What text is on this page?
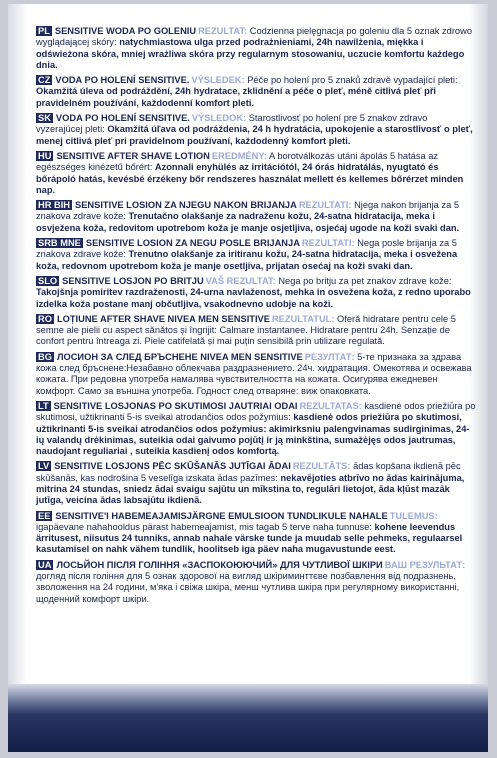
PL SENSITIVE WODA PO GOLENIU REZULTAT: Codzienna pielęgnacja po goleniu dla 5 oznak zdrowo wyglądającej skóry: natychmiastowa ulga przed podrażnieniami, 24h nawilżenia, miękka i odświeżona skóra, mniej wrażliwa skóra przy regularnym stosowaniu, uczucie komfortu każdego dnia.
CZ VODA PO HOLENÍ SENSITIVE. VÝSLEDEK: Péče po holení pro 5 znaků zdravě vypadající pleti: Okamžitá úleva od podráždění, 24h hydratace, zklidnění a péče o pleť, méně citlivá pleť při pravidelném používání, každodenní komfort pleti.
SK VODA PO HOLENÍ SENSITIVE. VÝSLEDOK: Starostlivosť po holení pre 5 znakov zdravo vyzerajúcej pleti: Okamžitá úľava od podráždenia, 24 h hydratácia, upokojenie a starostlivosť o pleť, menej citlivá pleť pri pravidelnom používaní, každodenný komfort pleti.
HU SENSITIVE AFTER SHAVE LOTION EREDMÉNY: A borotválkozás utáni ápolás 5 hatása az egészséges kinézetű bőrért: Azonnali enyhülés az irritációtól, 24 órás hidratálás, nyugtató és bőrápoló hatás, kevésbé érzékeny bőr rendszeres használat mellett és kellemes bőrérzet minden nap.
HR BIH SENSITIVE LOSION ZA NJEGU NAKON BRIJANJA REZULTATI: Njega nakon brijanja za 5 znakova zdrave kože: Trenutačno olakšanje za nadraženu kožu, 24-satna hidratacija, meka i osvježena koža, redovitom upotrebom koža je manje osjetljiva, osjećaj ugode na koži svaki dan.
SRB MNE SENSITIVE LOSION ZA NEGU POSLE BRIJANJA REZULTATI: Nega posle brijanja za 5 znakova zdrave kože: Trenutno olakšanje za iritiranu kožu, 24-satna hidratacija, meka i osvežena koža, redovnom upotrebom koža je manje osetljiva, prijatan osećaj na koži svaki dan.
SLO SENSITIVE LOSJON PO BRITJU VAŠ REZULTAT: Nega po britju za pet znakov zdrave kože: Takojšnja pomiritev razdraženosti, 24-urna navlaženost, mehka in osvežena koža, z redno uporabo izdelka koža postane manj občutljiva, vsakodnevno udobje na koži.
RO LOȚIUNE AFTER SHAVE NIVEA MEN SENSITIVE REZULTATUL: Oferă hidratare pentru cele 5 semne ale pielii cu aspect sănătos și îngrijit: Calmare instantanee. Hidratare pentru 24h. Senzație de confort pentru întreaga zi. Piele catifelată și mai puțin sensibilă prin utilizare regulată.
BG ЛОСИОН ЗА СЛЕД БРЪСНЕНЕ NIVEA MEN SENSITIVE РЕЗУЛТАТ: 5-те признака за здрава кожа след бръснене:Незабавно облекчава раздразнението. 24ч. хидратация. Омекотява и освежава кожата. При редовна употреба намалява чувствителността на кожата. Осигурява ежедневен комфорт. Само за външна употреба. Годност след отваряне: виж опаковката.
LT SENSITIVE LOSJONAS PO SKUTIMOSI JAUTRIAI ODAI REZULTATAS: kasdienė odos priežiūra po skutimosi, užtikrinanti 5-is sveikai atrodančios odos požymius: kasdienė odos priežiūra po skutimosi, užtikrinanti 5-is sveikai atrodančios odos požymius: akimirksniu palengvinamas sudirginimas, 24-ių valandų drėkinimas, suteikia odai gaivumo pojūtį ir ją minkština, sumažėjęs odos jautrumas, naudojant reguliariai , suteikia kasdienį odos komfortą.
LV SENSITIVE LOSJONS PĒC SKŪŠANĀS JUTĪGAI ĀDAI REZULTĀTS: ādas kopšana ikdienā pēc skūšanās, kas nodrošina 5 veselīga izskata ādas pazīmes: nekavējoties atbrīvo no ādas kairinājuma, mitrina 24 stundas, sniedz ādai svaigu sajūtu un mīkstina to, regulāri lietojot, āda kļūst mazāk jutīga, veicina ādas labsajūtu ikdienā.
EE SENSITIVE'I HABEMEAJAMISJÄRGNE EMULSIOON TUNDLIKULE NAHALE TULEMUS: igapäevane nahahooldus pärast habemeajamist, mis tagab 5 terve naha tunnuse: kohene leevendus ärritusest, niisutus 24 tunniks, annab nahale värske tunde ja muudab selle pehmeks, regulaarsel kasutamisel on nahk vähem tundlik, hoolitseb iga päev naha mugavustunde eest.
UA ЛОСЬЙОН ПІСЛЯ ГОЛІННЯ «ЗАСПОКОЮЮЧИЙ» ДЛЯ ЧУТЛИВОЇ ШКІРИ ВАШ РЕЗУЛЬТАТ: догляд після гоління для 5 ознак здорової на вигляд шкіриминттєве позбавлення від подразнень, зволоження на 24 години, м'яка і свіжа шкіра, менш чутлива шкіра при регулярному використанні, щоденний комфорт шкіри.
